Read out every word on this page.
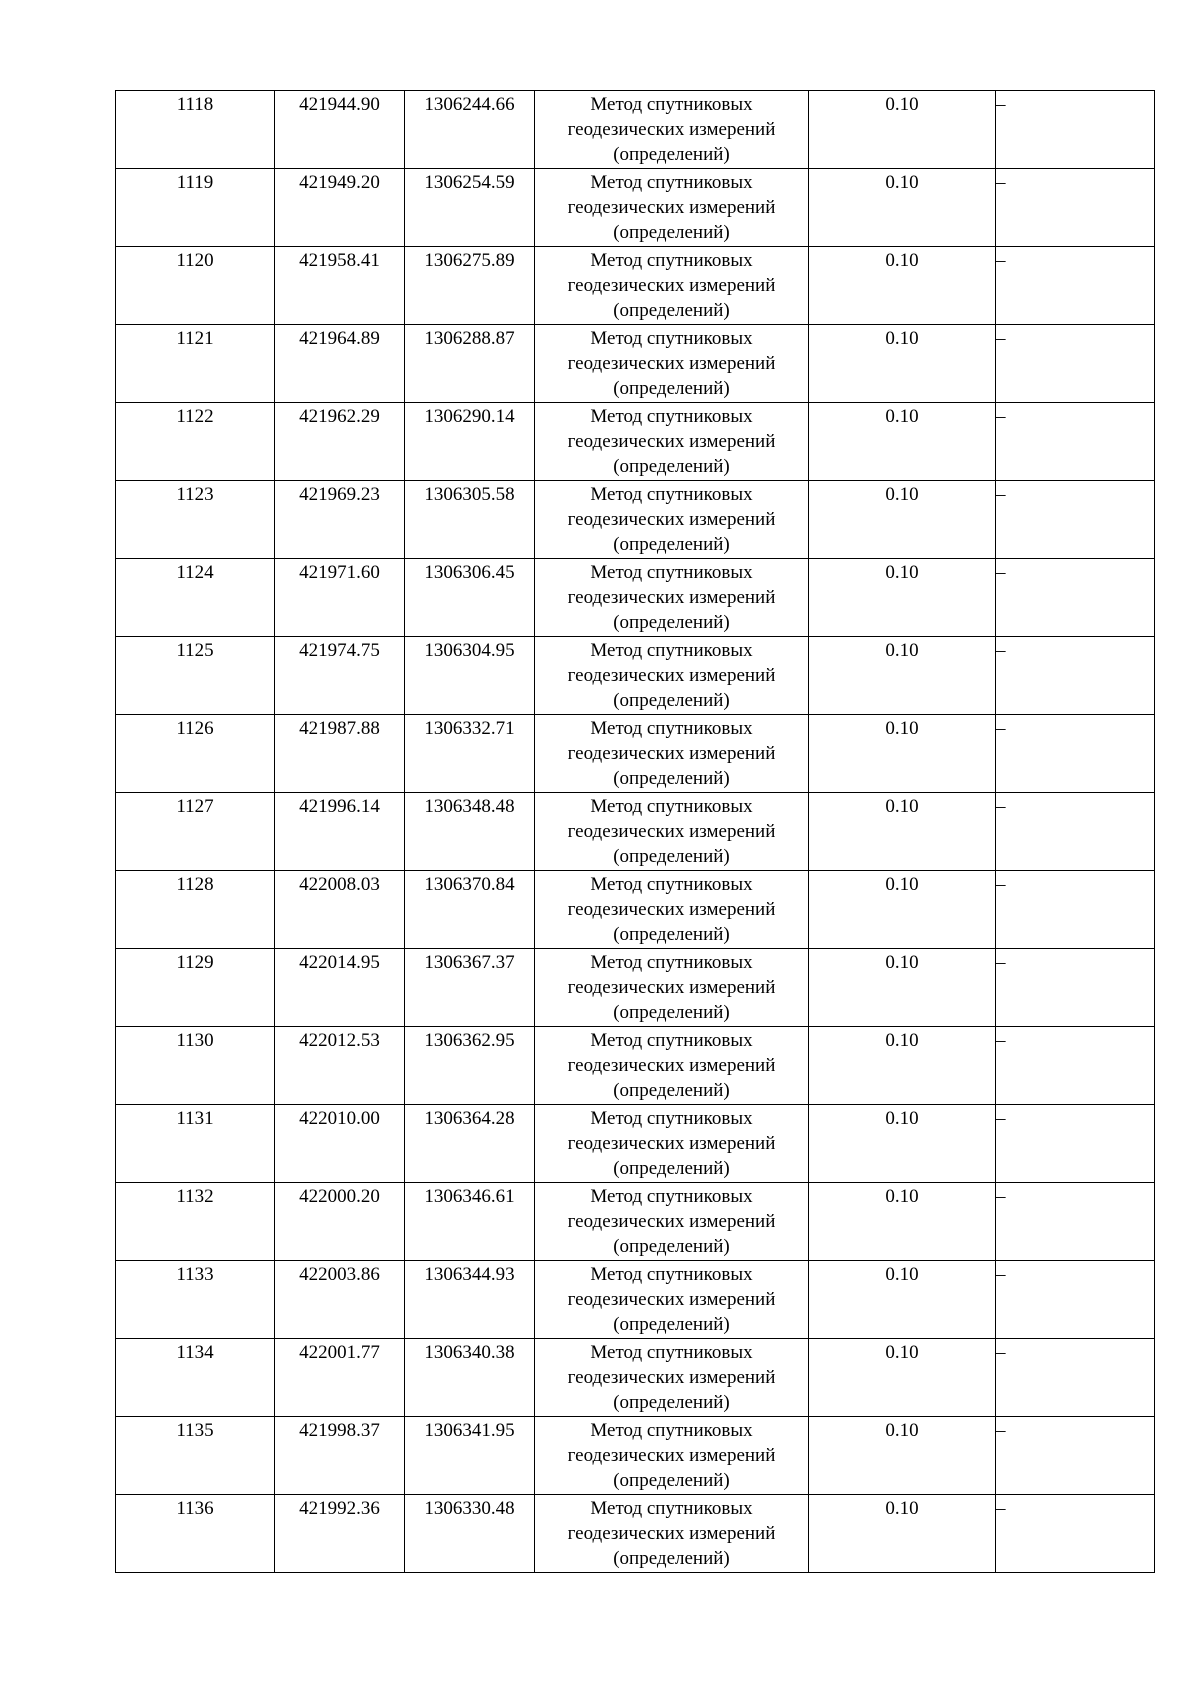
1118	421944.90	1306244.66	Метод спутниковых
геодезических измерений
(определений)	0.10	–

1119	421949.20	1306254.59	Метод спутниковых
геодезических измерений
(определений)	0.10	–

1120	421958.41	1306275.89	Метод спутниковых
геодезических измерений
(определений)	0.10	–

1121	421964.89	1306288.87	Метод спутниковых
геодезических измерений
(определений)	0.10	–

1122	421962.29	1306290.14	Метод спутниковых
геодезических измерений
(определений)	0.10	–

1123	421969.23	1306305.58	Метод спутниковых
геодезических измерений
(определений)	0.10	–

1124	421971.60	1306306.45	Метод спутниковых
геодезических измерений
(определений)	0.10	–

1125	421974.75	1306304.95	Метод спутниковых
геодезических измерений
(определений)	0.10	–

1126	421987.88	1306332.71	Метод спутниковых
геодезических измерений
(определений)	0.10	–

1127	421996.14	1306348.48	Метод спутниковых
геодезических измерений
(определений)	0.10	–

1128	422008.03	1306370.84	Метод спутниковых
геодезических измерений
(определений)	0.10	–

1129	422014.95	1306367.37	Метод спутниковых
геодезических измерений
(определений)	0.10	–

1130	422012.53	1306362.95	Метод спутниковых
геодезических измерений
(определений)	0.10	–

1131	422010.00	1306364.28	Метод спутниковых
геодезических измерений
(определений)	0.10	–

1132	422000.20	1306346.61	Метод спутниковых
геодезических измерений
(определений)	0.10	–

1133	422003.86	1306344.93	Метод спутниковых
геодезических измерений
(определений)	0.10	–

1134	422001.77	1306340.38	Метод спутниковых
геодезических измерений
(определений)	0.10	–

1135	421998.37	1306341.95	Метод спутниковых
геодезических измерений
(определений)	0.10	–

1136	421992.36	1306330.48	Метод спутниковых
геодезических измерений
(определений)	0.10	–
